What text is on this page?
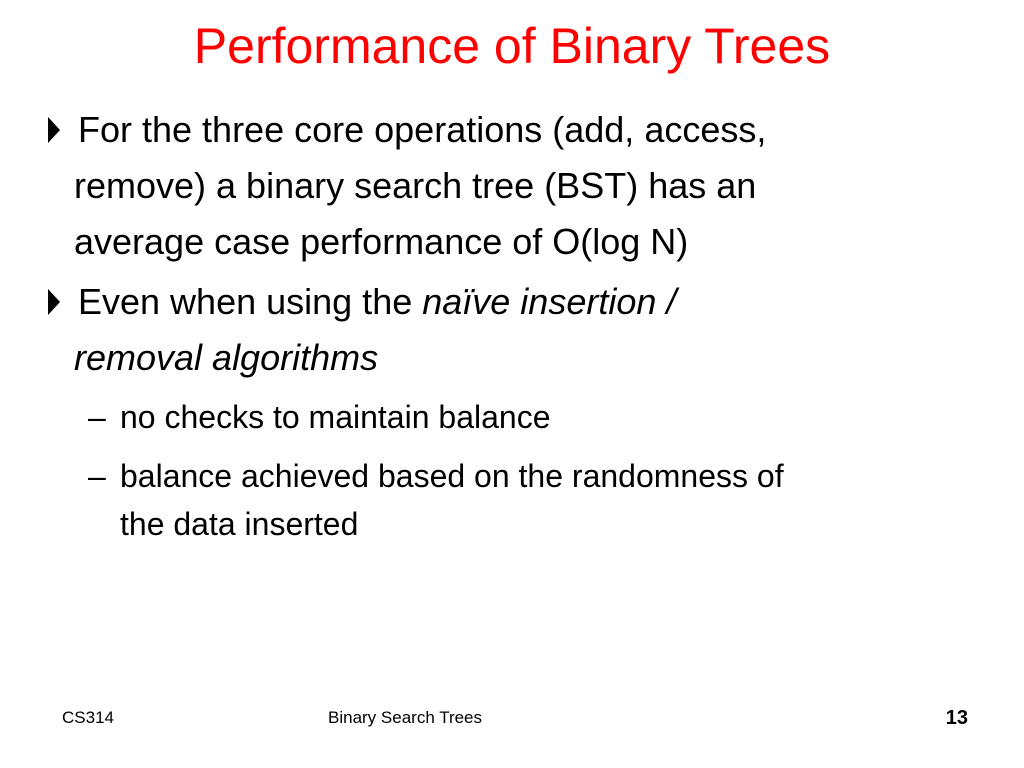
Performance of Binary Trees
For the three core operations (add, access,
remove) a binary search tree (BST) has an
average case performance of O(log N)
Even when using the naïve insertion /
removal algorithms
– no checks to maintain balance
– balance achieved based on the randomness of
the data inserted
CS314	Binary Search Trees	13
